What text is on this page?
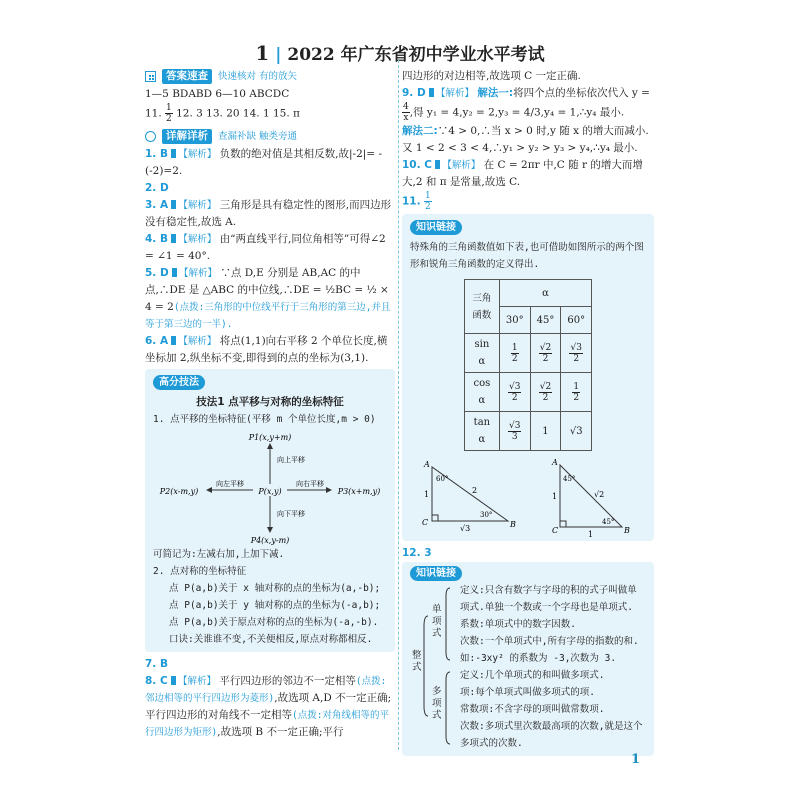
1 | 2022 年广东省初中学业水平考试
答案速查	快速核对 有的放矢

1—5 BDABD 6—10 ABCDC

11. $\frac{1}{2} 12$. 3 13. 20 14. 1 15. π

详解详析	查漏补缺 触类旁通

1. B 【解析】 负数的绝对值是其相反数,故|-2|= -(-2)=2.

2. D

3. A 【解析】 三角形是具有稳定性的图形,而四边形没有稳定性,故选 A.

4. B 【解析】 由“两直线平行,同位角相等”可得∠2 = ∠1 = 40°.

5. D 【解析】 ∵点 D,E 分别是 AB,AC 的中点,∴DE 是 △ABC 的中位线,∴DE = ½BC = ½ × 4 = 2(点拨:三角形的中位线平行于三角形的第三边,并且等于第三边的一半).

6. A 【解析】 将点(1,1)向右平移 2 个单位长度,横坐标加 2,纵坐标不变,即得到的点的坐标为(3,1).

高分技法
技法1 点平移与对称的坐标特征
1. 点平移的坐标特征(平移 m 个单位长度,m > 0)
P1(x,y+m)
P(x,y)
P2(x-m,y)	P3(x+m,y)
P4(x,y-m)
向左平移	向右平移
向上平移
向下平移
可简记为:左减右加,上加下减.
2. 点对称的坐标特征
点 P(a,b)关于 x 轴对称的点的坐标为(a,-b);
点 P(a,b)关于 y 轴对称的点的坐标为(-a,b);
点 P(a,b)关于原点对称的点的坐标为(-a,-b).
口诀:关谁谁不变,不关便相反,原点对称都相反.

7. B

8. C 【解析】 平行四边形的邻边不一定相等(点拨:邻边相等的平行四边形为菱形),故选项 A,D 不一定正确;平行四边形的对角线不一定相等(点拨:对角线相等的平行四边形为矩形),故选项 B 不一定正确;平行

四边形的对边相等,故选项 C 一定正确.

9. D 【解析】 解法一:将四个点的坐标依次代入 y =
$\frac{4}{x}$ ,得 y₁ = 4,y₂ = 2,y₃ = 4/3,y₄ = 1,∴y₄ 最小.

解法二:∵4 > 0,∴当 x > 0 时,y 随 x 的增大而减小.又 1 < 2 < 3 < 4,∴y₁ > y₂ > y₃ > y₄,∴y₄ 最小.

10. C 【解析】 在 C = 2πr 中,C 随 r 的增大而增大,2 和 π 是常量,故选 C.

11. $\frac{1}{2}$

知识链接
特殊角的三角函数值如下表,也可借助如图所示的两个图形和锐角三角函数的定义得出.
三角函数	α		
	30°	45°	60°
sin α	$\frac{1}{2}$	$\frac{√2}{2}$	$\frac{√3}{2}$

cos α	$\frac{√3}{2}$	$\frac{√2}{2}$	$\frac{1}{2}$

tan α	$\frac{√3}{3}$	1	√3
A
C	B
60°
30°
1	2
√3
A
C	B
45°
45°
1	√2
1

12. 3

知识链接
整式
单项式
多项式
定义:只含有数字与字母的积的式子叫做单项式.单独一个数或一个字母也是单项式.
系数:单项式中的数字因数.
次数:一个单项式中,所有字母的指数的和.
如:-3xy² 的系数为 -3,次数为 3.
定义:几个单项式的和叫做多项式.
项:每个单项式叫做多项式的项.
常数项:不含字母的项叫做常数项.
次数:多项式里次数最高项的次数,就是这个多项式的次数.
1
